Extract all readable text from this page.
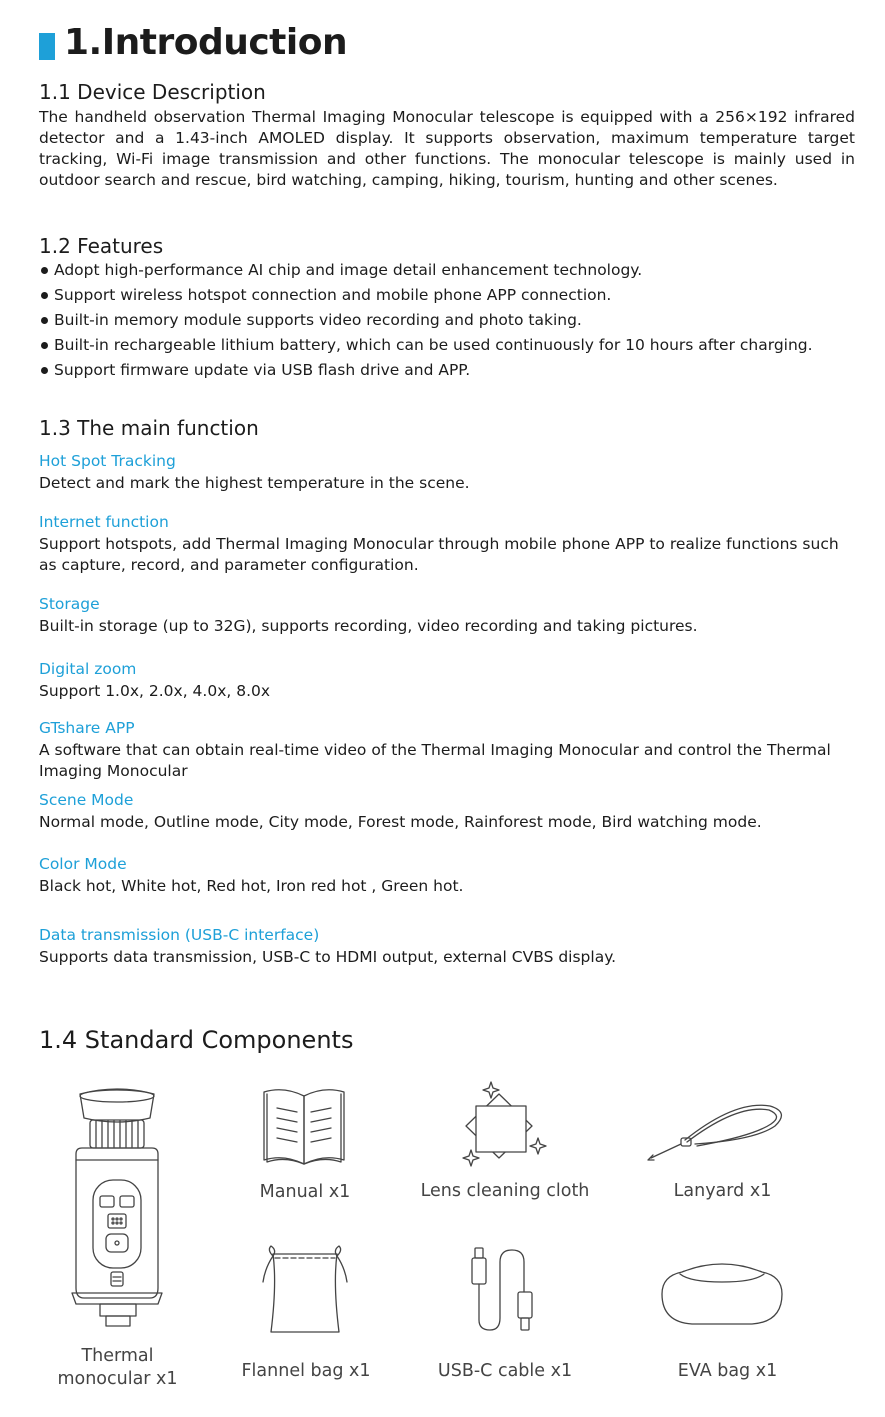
1.Introduction
1.1 Device Description
The handheld observation Thermal Imaging Monocular telescope is equipped with a 256×192 infrared detector and a 1.43-inch AMOLED display. It supports observation, maximum temperature target tracking, Wi-Fi image transmission and other functions. The monocular telescope is mainly used in outdoor search and rescue, bird watching, camping, hiking, tourism, hunting and other scenes.
1.2 Features
Adopt high-performance AI chip and image detail enhancement technology.
Support wireless hotspot connection and mobile phone APP connection.
Built-in memory module supports video recording and photo taking.
Built-in rechargeable lithium battery, which can be used continuously for 10 hours after charging.
Support firmware update via USB flash drive and APP.
1.3 The main function
Hot Spot Tracking
Detect and mark the highest temperature in the scene.
Internet function
Support hotspots, add Thermal Imaging Monocular through mobile phone APP to realize functions such as capture, record, and parameter configuration.
Storage
Built-in storage (up to 32G), supports recording, video recording and taking pictures.
Digital zoom
Support 1.0x, 2.0x, 4.0x, 8.0x
GTshare APP
A software that can obtain real-time video of the Thermal Imaging Monocular and control the Thermal Imaging Monocular
Scene Mode
Normal mode, Outline mode, City mode, Forest mode, Rainforest mode, Bird watching mode.
Color Mode
Black hot, White hot, Red hot, Iron red hot , Green hot.
Data transmission (USB-C interface)
Supports data transmission, USB-C to HDMI output, external CVBS display.
1.4 Standard Components
Thermal
monocular x1
Manual x1	Lens cleaning cloth	Lanyard x1
Flannel bag x1	USB-C cable x1	EVA bag x1
